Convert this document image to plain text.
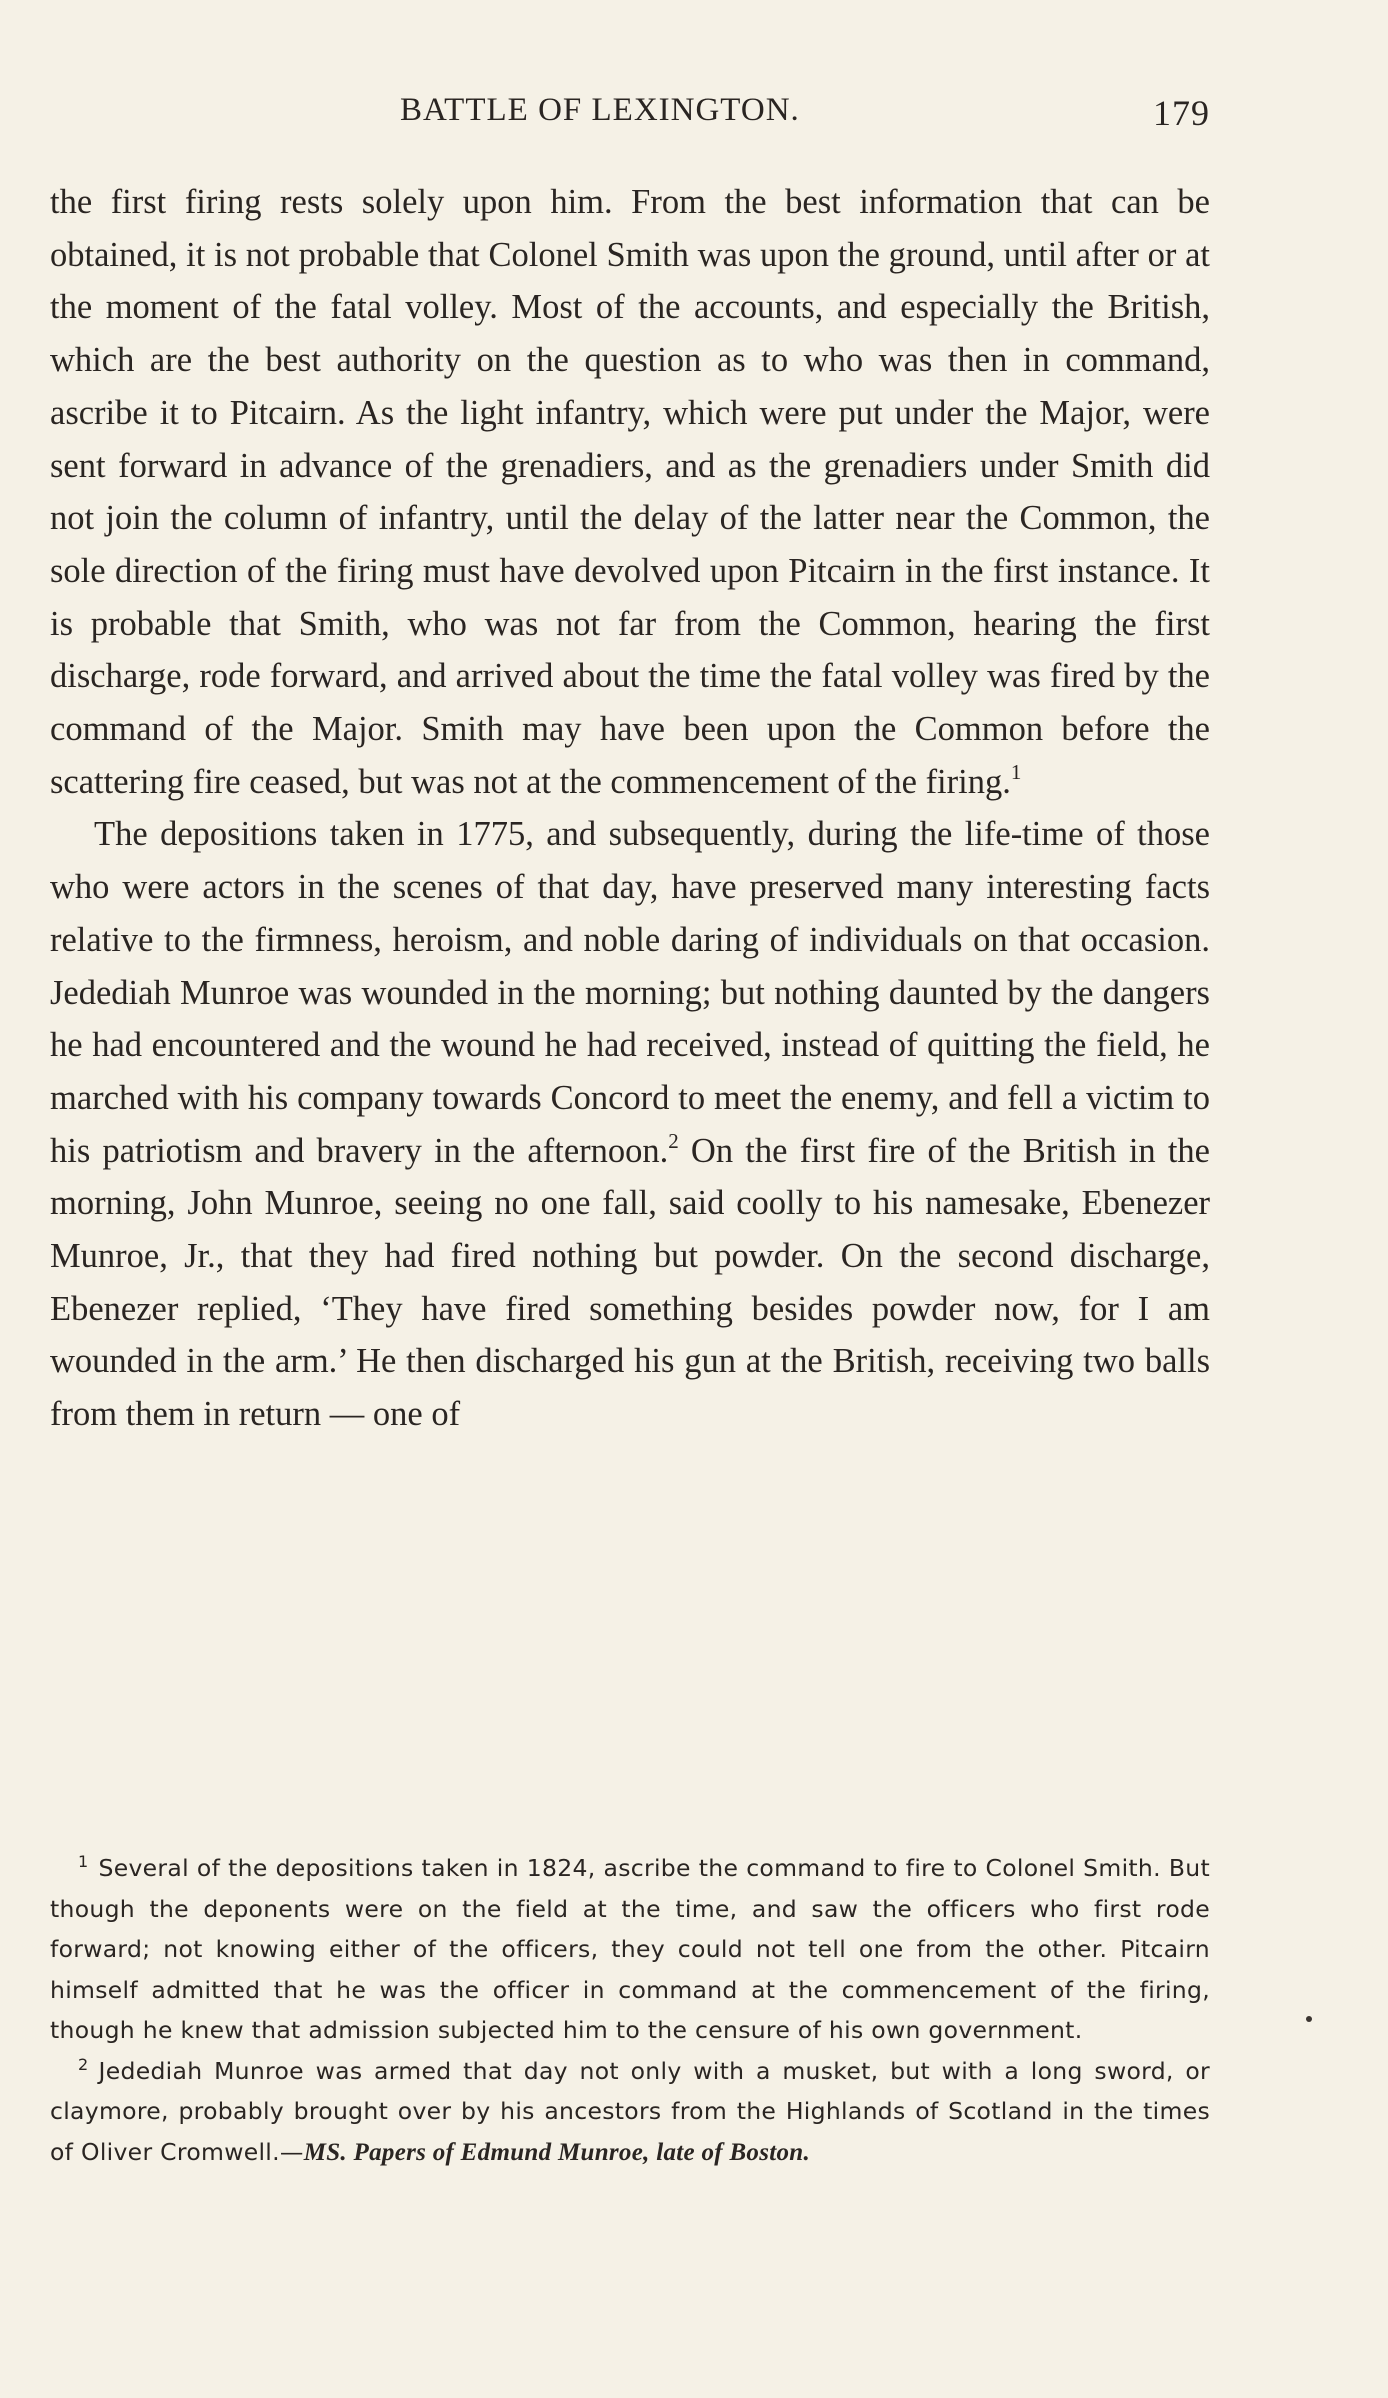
BATTLE OF LEXINGTON.	179

the first firing rests solely upon him. From the best information that can be obtained, it is not probable that Colonel Smith was upon the ground, until after or at the moment of the fatal volley. Most of the accounts, and especially the British, which are the best authority on the question as to who was then in command, ascribe it to Pitcairn. As the light infantry, which were put under the Major, were sent forward in advance of the grenadiers, and as the grenadiers under Smith did not join the column of infantry, until the delay of the latter near the Common, the sole direction of the firing must have devolved upon Pitcairn in the first instance. It is probable that Smith, who was not far from the Common, hearing the first discharge, rode forward, and arrived about the time the fatal volley was fired by the command of the Major. Smith may have been upon the Common before the scattering fire ceased, but was not at the commencement of the firing.$^1$

The depositions taken in 1775, and subsequently, during the life-time of those who were actors in the scenes of that day, have preserved many interesting facts relative to the firmness, heroism, and noble daring of individuals on that occasion. Jedediah Munroe was wounded in the morning; but nothing daunted by the dangers he had encountered and the wound he had received, instead of quitting the field, he marched with his company towards Concord to meet the enemy, and fell a victim to his patriotism and bravery in the afternoon.$^2$ On the first fire of the British in the morning, John Munroe, seeing no one fall, said coolly to his namesake, Ebenezer Munroe, Jr., that they had fired nothing but powder. On the second discharge, Ebenezer replied, ‘They have fired something besides powder now, for I am wounded in the arm.’ He then discharged his gun at the British, receiving two balls from them in return — one of

$^1$ Several of the depositions taken in 1824, ascribe the command to fire to Colonel Smith. But though the deponents were on the field at the time, and saw the officers who first rode forward; not knowing either of the officers, they could not tell one from the other. Pitcairn himself admitted that he was the officer in command at the commencement of the firing, though he knew that admission subjected him to the censure of his own government.

$^2$ Jedediah Munroe was armed that day not only with a musket, but with a long sword, or claymore, probably brought over by his ancestors from the Highlands of Scotland in the times of Oliver Cromwell.—MS. Papers of Edmund Munroe, late of Boston.
